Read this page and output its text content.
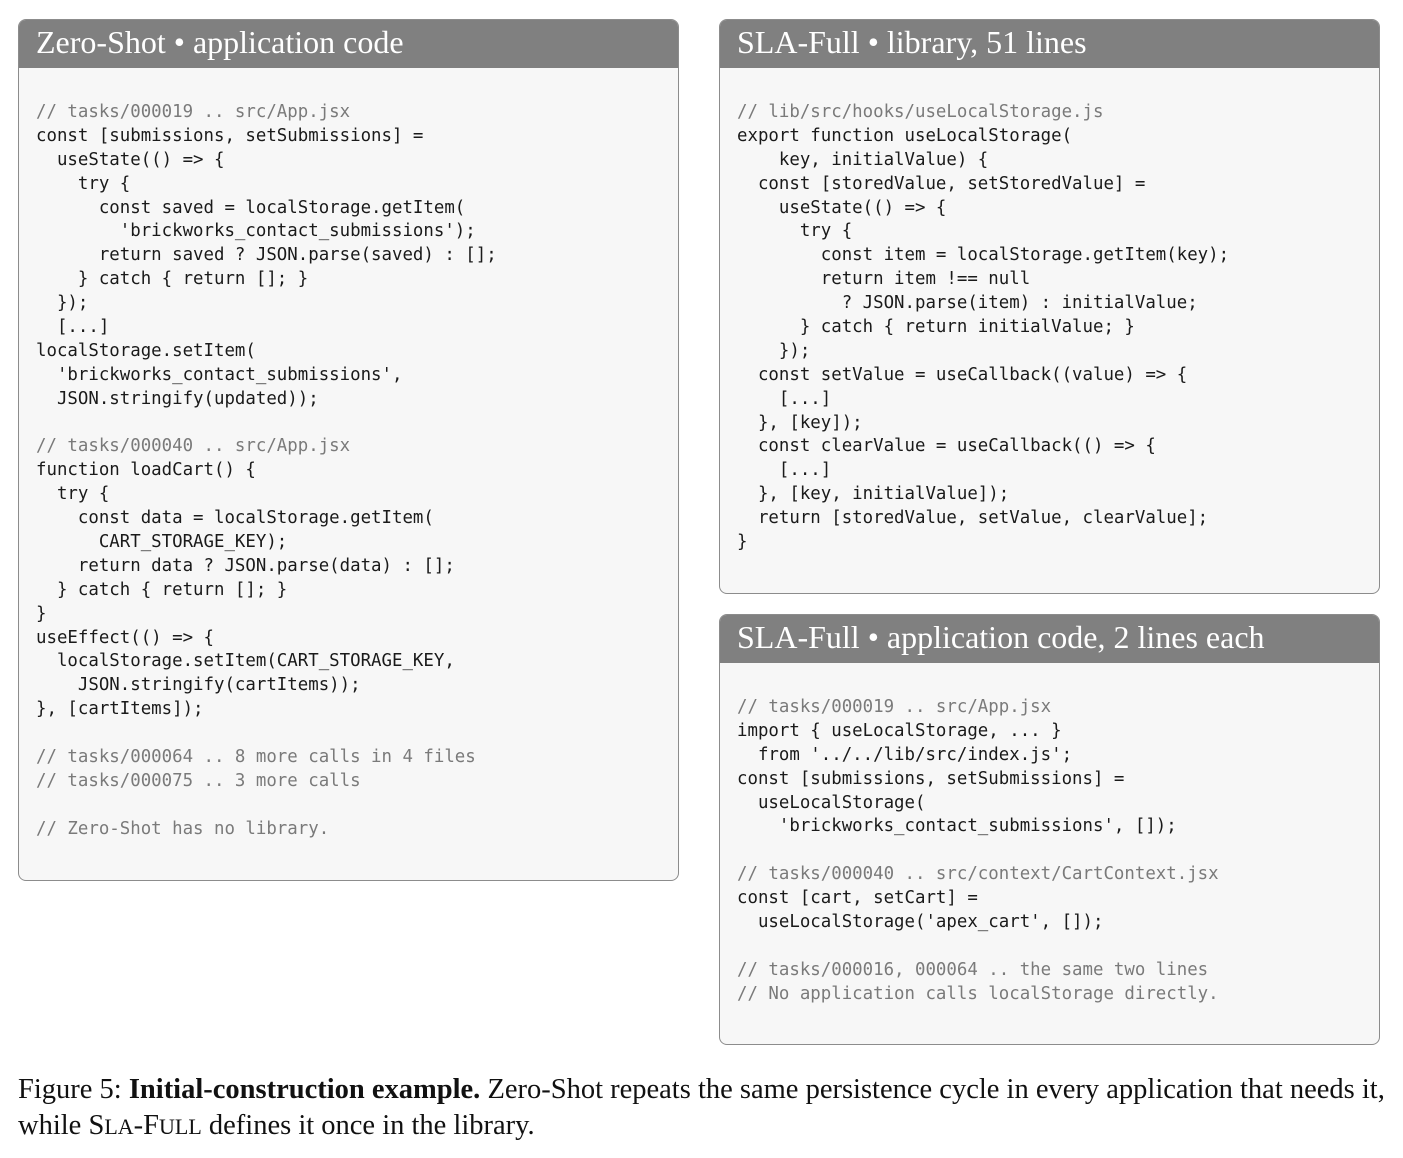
Zero-Shot • application code
// tasks/000019 .. src/App.jsx
const [submissions, setSubmissions] =
useState(() => {
try {
const saved = localStorage.getItem(
'brickworks_contact_submissions');
return saved ? JSON.parse(saved) : [];
} catch { return []; }
});
[...]
localStorage.setItem(
'brickworks_contact_submissions',
JSON.stringify(updated));
// tasks/000040 .. src/App.jsx
function loadCart() {
try {
const data = localStorage.getItem(
CART_STORAGE_KEY);
return data ? JSON.parse(data) : [];
} catch { return []; }
}
useEffect(() => {
localStorage.setItem(CART_STORAGE_KEY,
JSON.stringify(cartItems));
}, [cartItems]);
// tasks/000064 .. 8 more calls in 4 files
// tasks/000075 .. 3 more calls
// Zero-Shot has no library.
SLA-Full • library, 51 lines
// lib/src/hooks/useLocalStorage.js
export function useLocalStorage(
key, initialValue) {
const [storedValue, setStoredValue] =
useState(() => {
try {
const item = localStorage.getItem(key);
return item !== null
? JSON.parse(item) : initialValue;
} catch { return initialValue; }
});
const setValue = useCallback((value) => {
[...]
}, [key]);
const clearValue = useCallback(() => {
[...]
}, [key, initialValue]);
return [storedValue, setValue, clearValue];
}
SLA-Full • application code, 2 lines each
// tasks/000019 .. src/App.jsx
import { useLocalStorage, ... }
from '../../lib/src/index.js';
const [submissions, setSubmissions] =
useLocalStorage(
'brickworks_contact_submissions', []);
// tasks/000040 .. src/context/CartContext.jsx
const [cart, setCart] =
useLocalStorage('apex_cart', []);
// tasks/000016, 000064 .. the same two lines
// No application calls localStorage directly.
Figure 5: Initial-construction example. Zero-Shot repeats the same persistence cycle in every application that needs it, while SLA-FULL defines it once in the library.
